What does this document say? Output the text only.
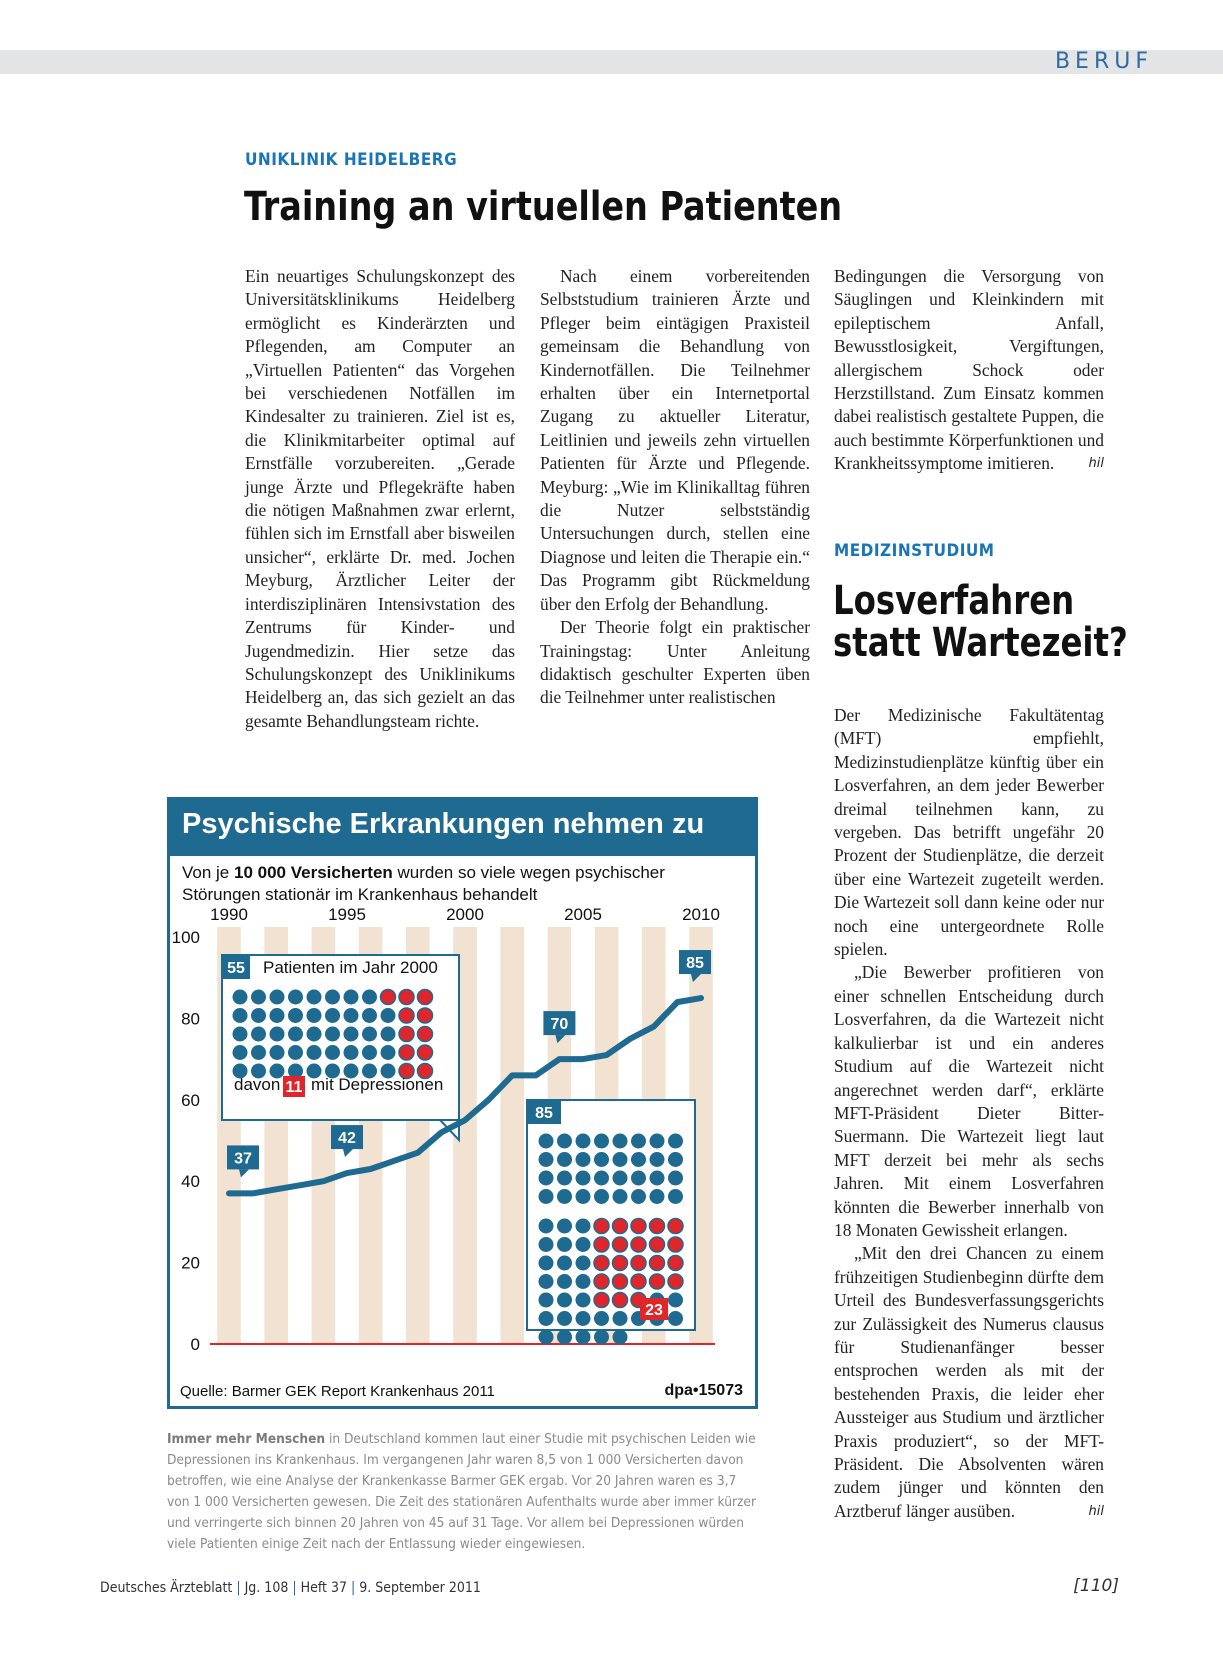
BERUF
UNIKLINIK HEIDELBERG
Training an virtuellen Patienten

Ein neuartiges Schulungskonzept des Universitätsklinikums Heidelberg ermöglicht es Kinderärzten und Pflegenden, am Computer an „Virtuellen Patienten“ das Vorgehen bei verschiedenen Notfällen im Kindesalter zu trainieren. Ziel ist es, die Klinikmitarbeiter optimal auf Ernstfälle vorzubereiten. „Gerade junge Ärzte und Pflegekräfte haben die nötigen Maßnahmen zwar erlernt, fühlen sich im Ernstfall aber bisweilen unsicher“, erklärte Dr. med. Jochen Meyburg, Ärztlicher Leiter der interdisziplinären Intensivstation des Zentrums für Kinder- und Jugendmedizin. Hier setze das Schulungskonzept des Uniklinikums Heidelberg an, das sich gezielt an das gesamte Behandlungsteam richte.

Nach einem vorbereitenden Selbststudium trainieren Ärzte und Pfleger beim eintägigen Praxisteil gemeinsam die Behandlung von Kindernotfällen. Die Teilnehmer erhalten über ein Internetportal Zugang zu aktueller Literatur, Leitlinien und jeweils zehn virtuellen Patienten für Ärzte und Pflegende. Meyburg: „Wie im Klinikalltag führen die Nutzer selbstständig Untersuchungen durch, stellen eine Diagnose und leiten die Therapie ein.“ Das Programm gibt Rückmeldung über den Erfolg der Behandlung.

Der Theorie folgt ein praktischer Trainingstag: Unter Anleitung didaktisch geschulter Experten üben die Teilnehmer unter realistischen

Bedingungen die Versorgung von Säuglingen und Kleinkindern mit epileptischem Anfall, Bewusstlosigkeit, Vergiftungen, allergischem Schock oder Herzstillstand. Zum Einsatz kommen dabei realistisch gestaltete Puppen, die auch bestimmte Körperfunktionen und Krankheitssymptome imitieren.	hil

MEDIZINSTUDIUM
Losverfahren
statt Wartezeit?

Der Medizinische Fakultätentag (MFT) empfiehlt, Medizinstudienplätze künftig über ein Losverfahren, an dem jeder Bewerber dreimal teilnehmen kann, zu vergeben. Das betrifft ungefähr 20 Prozent der Studienplätze, die derzeit über eine Wartezeit zugeteilt werden. Die Wartezeit soll dann keine oder nur noch eine untergeordnete Rolle spielen.

„Die Bewerber profitieren von einer schnellen Entscheidung durch Losverfahren, da die Wartezeit nicht kalkulierbar ist und ein anderes Studium auf die Wartezeit nicht angerechnet werden darf“, erklärte MFT-Präsident Dieter Bitter-Suermann. Die Wartezeit liegt laut MFT derzeit bei mehr als sechs Jahren. Mit einem Losverfahren könnten die Bewerber innerhalb von 18 Monaten Gewissheit erlangen.

„Mit den drei Chancen zu einem frühzeitigen Studienbeginn dürfte dem Urteil des Bundesverfassungsgerichts zur Zulässigkeit des Numerus clausus für Studienanfänger besser entsprochen werden als mit der bestehenden Praxis, die leider eher Aussteiger aus Studium und ärztlicher Praxis produziert“, so der MFT-Präsident. Die Absolventen wären zudem jünger und könnten den Arztberuf länger ausüben.	hil

Psychische Erkrankungen nehmen zu
Von je 10 000 Versicherten wurden so viele wegen psychischer Störungen stationär im Krankenhaus behandelt
1990	1995	2000	2005	2010
0
20
40
60
80
100
55 Patienten im Jahr 2000
davon 11 mit Depressionen
85
23
37
42
70
85
Quelle: Barmer GEK Report Krankenhaus 2011	dpa•15073
Immer mehr Menschen in Deutschland kommen laut einer Studie mit psychischen Leiden wie Depressionen ins Krankenhaus. Im vergangenen Jahr waren 8,5 von 1 000 Versicherten davon betroffen, wie eine Analyse der Krankenkasse Barmer GEK ergab. Vor 20 Jahren waren es 3,7 von 1 000 Versicherten gewesen. Die Zeit des stationären Aufenthalts wurde aber immer kürzer und verringerte sich binnen 20 Jahren von 45 auf 31 Tage. Vor allem bei Depressionen würden viele Patienten einige Zeit nach der Entlassung wieder eingewiesen.
Deutsches Ärzteblatt | Jg. 108 | Heft 37 | 9. September 2011	[110]
